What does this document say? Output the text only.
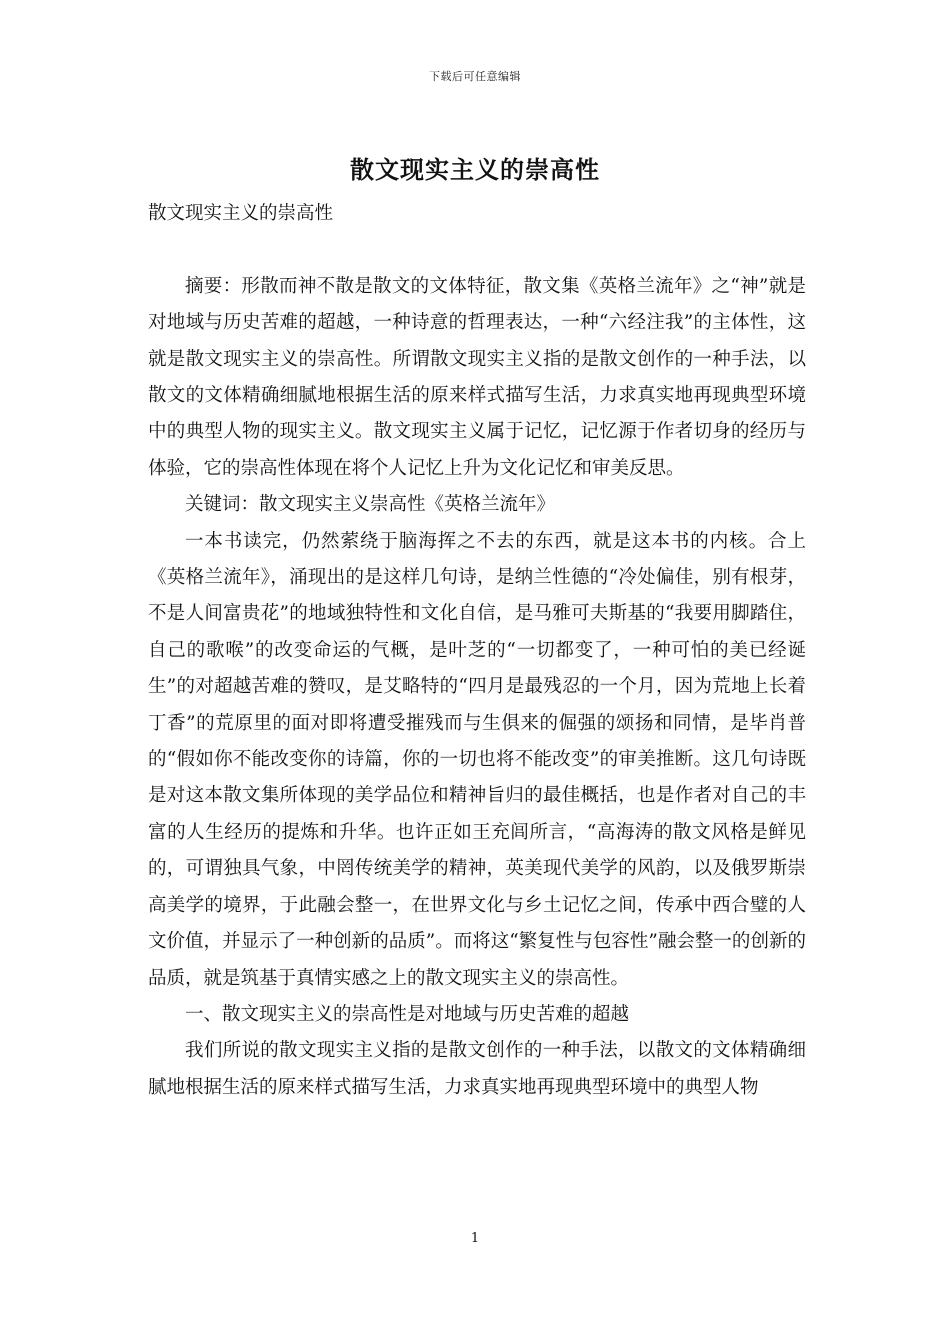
下载后可任意编辑
散文现实主义的崇高性

散文现实主义的崇高性

摘要：形散而神不散是散文的文体特征，散文集《英格兰流年》之“神”就是对地域与历史苦难的超越，一种诗意的哲理表达，一种“六经注我”的主体性，这就是散文现实主义的崇高性。所谓散文现实主义指的是散文创作的一种手法，以散文的文体精确细腻地根据生活的原来样式描写生活，力求真实地再现典型环境中的典型人物的现实主义。散文现实主义属于记忆，记忆源于作者切身的经历与体验，它的崇高性体现在将个人记忆上升为文化记忆和审美反思。

关键词：散文现实主义崇高性《英格兰流年》

一本书读完，仍然萦绕于脑海挥之不去的东西，就是这本书的内核。合上《英格兰流年》，涌现出的是这样几句诗，是纳兰性德的“冷处偏佳，别有根芽，不是人间富贵花”的地域独特性和文化自信，是马雅可夫斯基的“我要用脚踏住，自己的歌喉”的改变命运的气概，是叶芝的“一切都变了，一种可怕的美已经诞生”的对超越苦难的赞叹，是艾略特的“四月是最残忍的一个月，因为荒地上长着丁香”的荒原里的面对即将遭受摧残而与生俱来的倔强的颂扬和同情，是毕肖普的“假如你不能改变你的诗篇，你的一切也将不能改变”的审美推断。这几句诗既是对这本散文集所体现的美学品位和精神旨归的最佳概括，也是作者对自己的丰富的人生经历的提炼和升华。也许正如王充闾所言，“高海涛的散文风格是鲜见的，可谓独具气象，中罔传统美学的精神，英美现代美学的风韵，以及俄罗斯崇高美学的境界，于此融会整一，在世界文化与乡土记忆之间，传承中西合璧的人文价值，并显示了一种创新的品质”。而将这“繁复性与包容性”融会整一的创新的品质，就是筑基于真情实感之上的散文现实主义的崇高性。

一、散文现实主义的崇高性是对地域与历史苦难的超越

我们所说的散文现实主义指的是散文创作的一种手法，以散文的文体精确细腻地根据生活的原来样式描写生活，力求真实地再现典型环境中的典型人物

1
